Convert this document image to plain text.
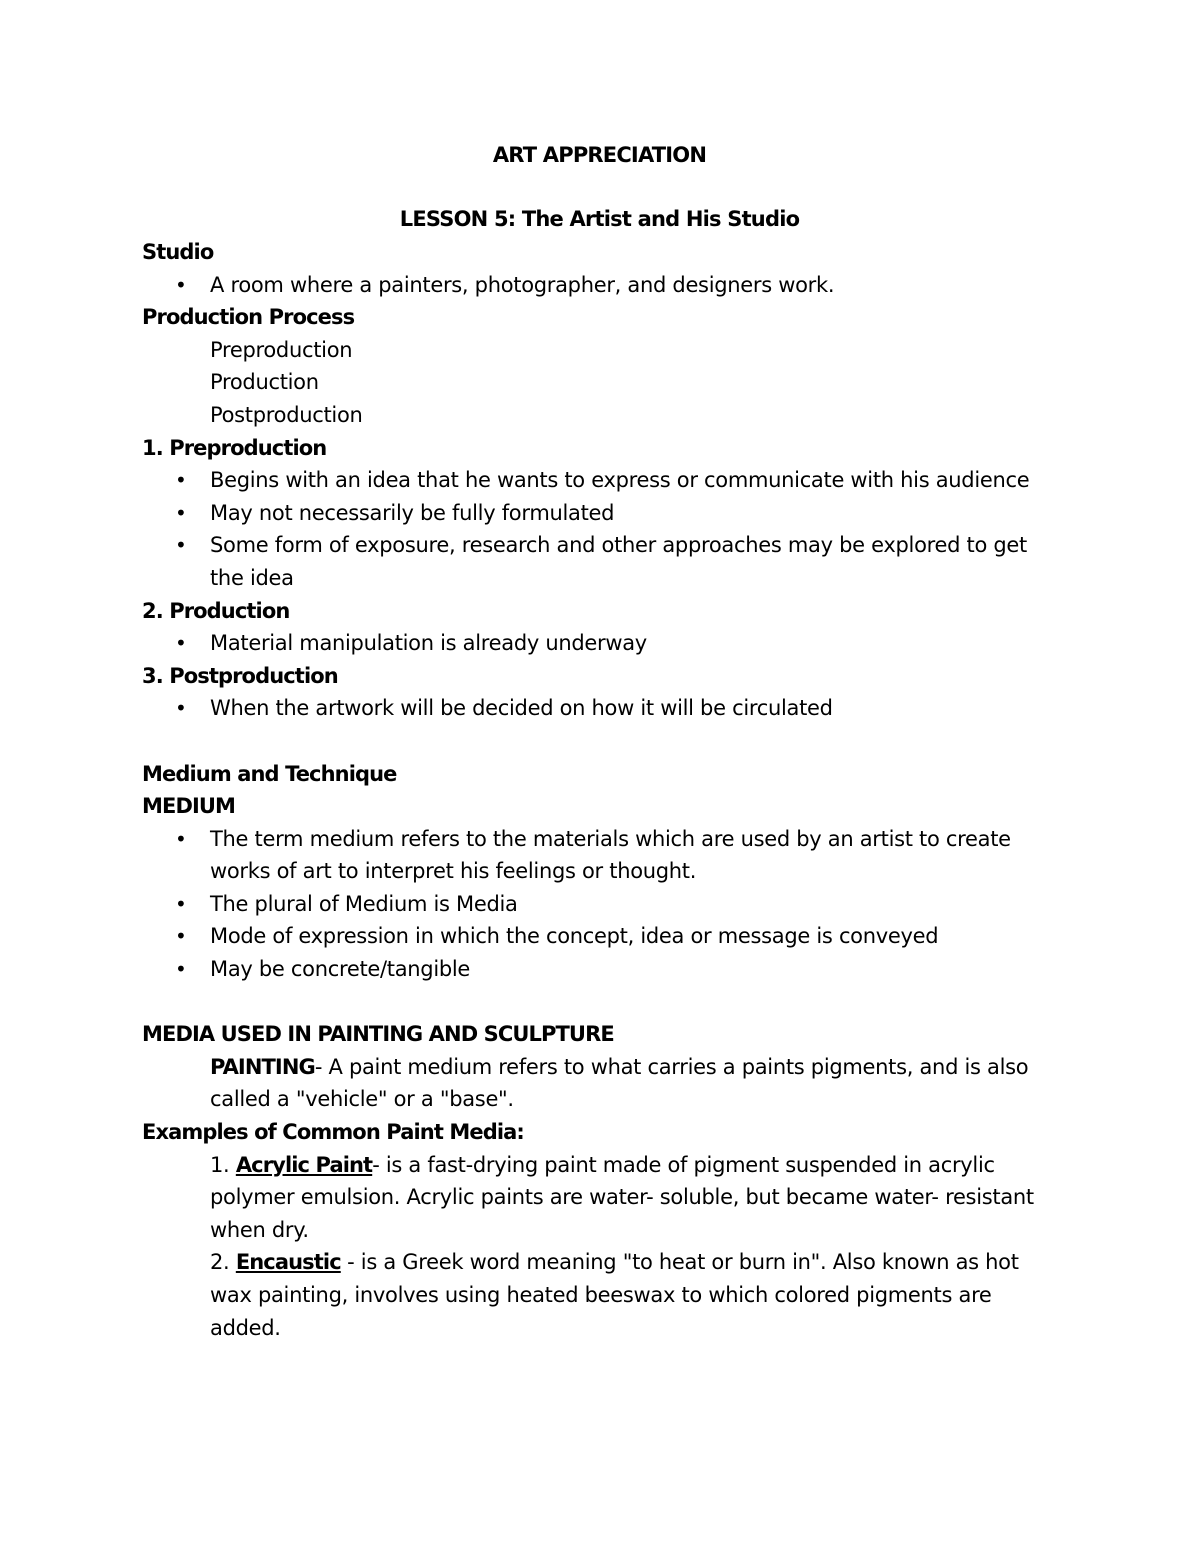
ART APPRECIATION
LESSON 5: The Artist and His Studio
Studio
• A room where a painters, photographer, and designers work.
Production Process
Preproduction
Production
Postproduction
1. Preproduction
• Begins with an idea that he wants to express or communicate with his audience
• May not necessarily be fully formulated
• Some form of exposure, research and other approaches may be explored to get the idea
2. Production
• Material manipulation is already underway
3. Postproduction
• When the artwork will be decided on how it will be circulated
Medium and Technique
MEDIUM
• The term medium refers to the materials which are used by an artist to create works of art to interpret his feelings or thought.
• The plural of Medium is Media
• Mode of expression in which the concept, idea or message is conveyed
• May be concrete/tangible
MEDIA USED IN PAINTING AND SCULPTURE
PAINTING- A paint medium refers to what carries a paints pigments, and is also called a "vehicle" or a "base".
Examples of Common Paint Media:
1. Acrylic Paint- is a fast-drying paint made of pigment suspended in acrylic polymer emulsion. Acrylic paints are water- soluble, but became water- resistant when dry.
2. Encaustic - is a Greek word meaning "to heat or burn in". Also known as hot wax painting, involves using heated beeswax to which colored pigments are added.
